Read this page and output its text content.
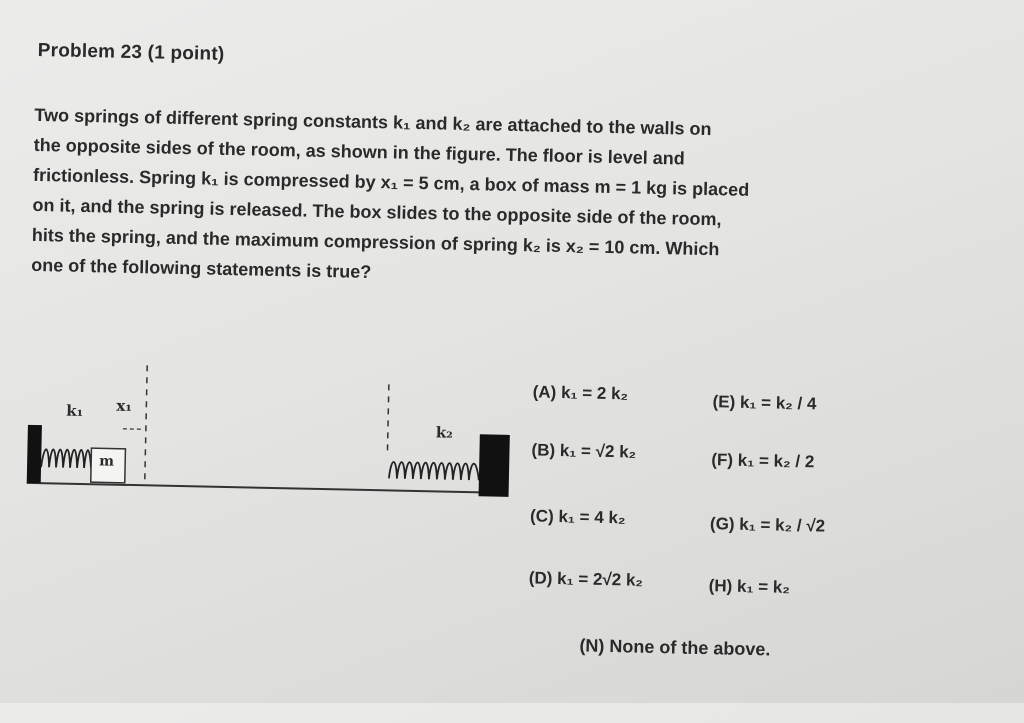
Problem 23 (1 point)
Two springs of different spring constants k₁ and k₂ are attached to the walls on
the opposite sides of the room, as shown in the figure. The floor is level and
frictionless. Spring k₁ is compressed by x₁ = 5 cm, a box of mass m = 1 kg is placed
on it, and the spring is released. The box slides to the opposite side of the room,
hits the spring, and the maximum compression of spring k₂ is x₂ = 10 cm. Which
one of the following statements is true?
k₁ x₁
m
k₂
(A) k₁ = 2 k₂
(B) k₁ = √2 k₂
(C) k₁ = 4 k₂
(D) k₁ = 2√2 k₂
(E) k₁ = k₂ / 4
(F) k₁ = k₂ / 2
(G) k₁ = k₂ / √2
(H) k₁ = k₂
(N) None of the above.
